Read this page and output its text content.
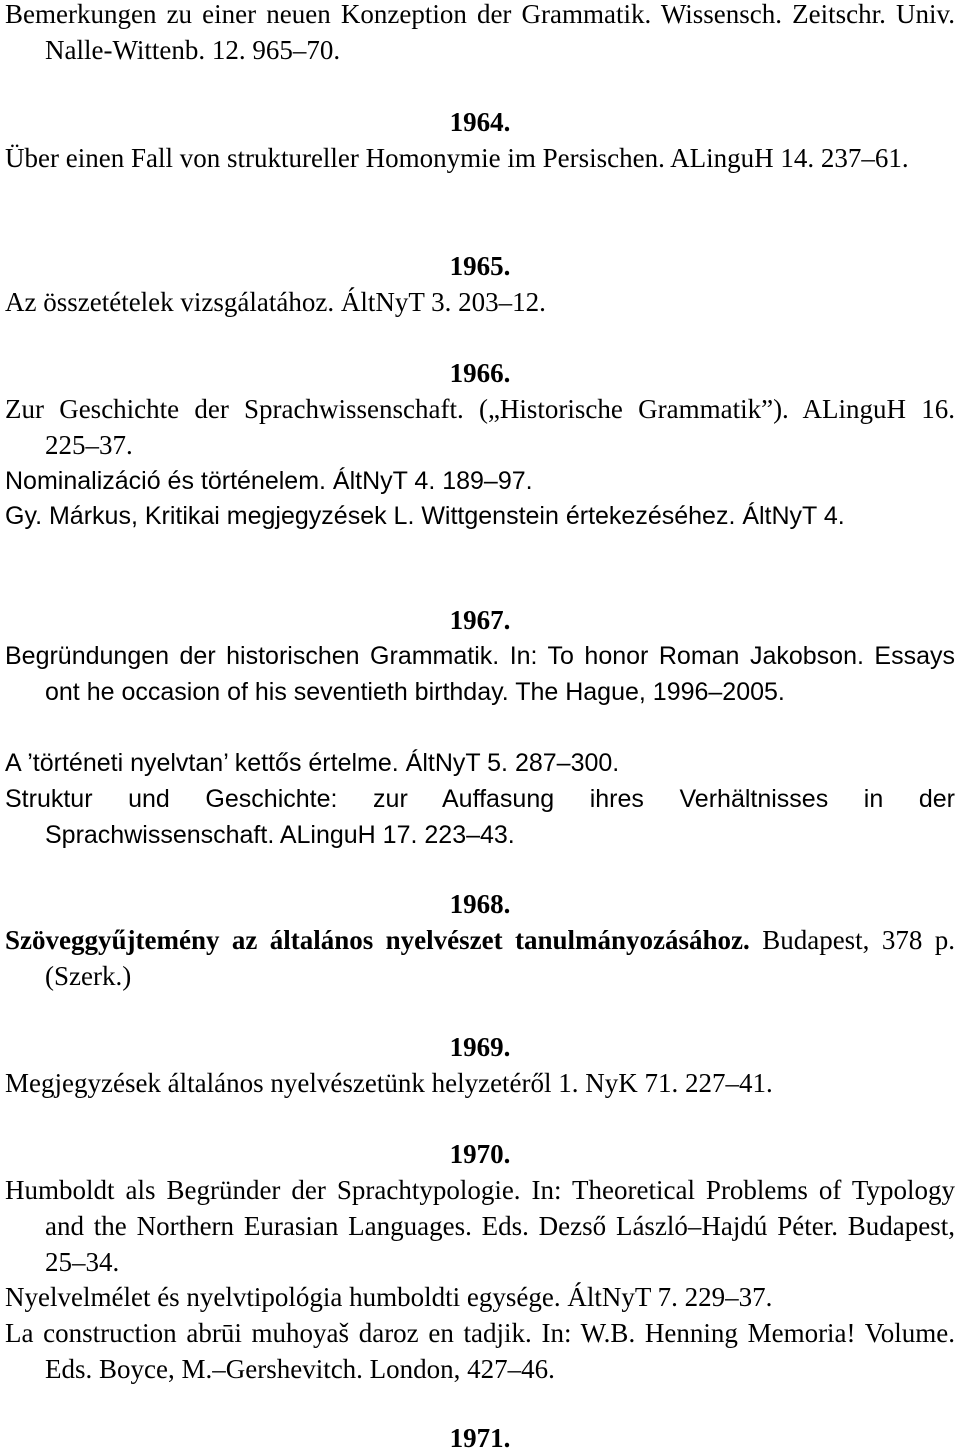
Bemerkungen zu einer neuen Konzeption der Grammatik. Wissensch. Zeitschr. Univ. Nalle-Wittenb. 12. 965–70.
1964.
Über einen Fall von struktureller Homonymie im Persischen. ALinguH 14. 237–61.
1965.
Az összetételek vizsgálatához. ÁltNyT 3. 203–12.
1966.
Zur Geschichte der Sprachwissenschaft. („Historische Grammatik”). ALinguH 16. 225–37.
Nominalizáció és történelem. ÁltNyT 4. 189–97.
Gy. Márkus, Kritikai megjegyzések L. Wittgenstein értekezéséhez. ÁltNyT 4.
1967.
Begründungen der historischen Grammatik. In: To honor Roman Jakobson. Essays ont he occasion of his seventieth birthday. The Hague, 1996–2005.
A ’történeti nyelvtan’ kettős értelme. ÁltNyT 5. 287–300.
Struktur und Geschichte: zur Auffasung ihres Verhältnisses in der Sprachwissenschaft. ALinguH 17. 223–43.
1968.
Szöveggyűjtemény az általános nyelvészet tanulmányozásához. Budapest, 378 p. (Szerk.)
1969.
Megjegyzések általános nyelvészetünk helyzetéről 1. NyK 71. 227–41.
1970.
Humboldt als Begründer der Sprachtypologie. In: Theoretical Problems of Typology and the Northern Eurasian Languages. Eds. Dezső László–Hajdú Péter. Budapest, 25–34.
Nyelvelmélet és nyelvtipológia humboldti egysége. ÁltNyT 7. 229–37.
La construction abrūi muhoyaš daroz en tadjik. In: W.B. Henning Memoria! Volume. Eds. Boyce, M.–Gershevitch. London, 427–46.
1971.
